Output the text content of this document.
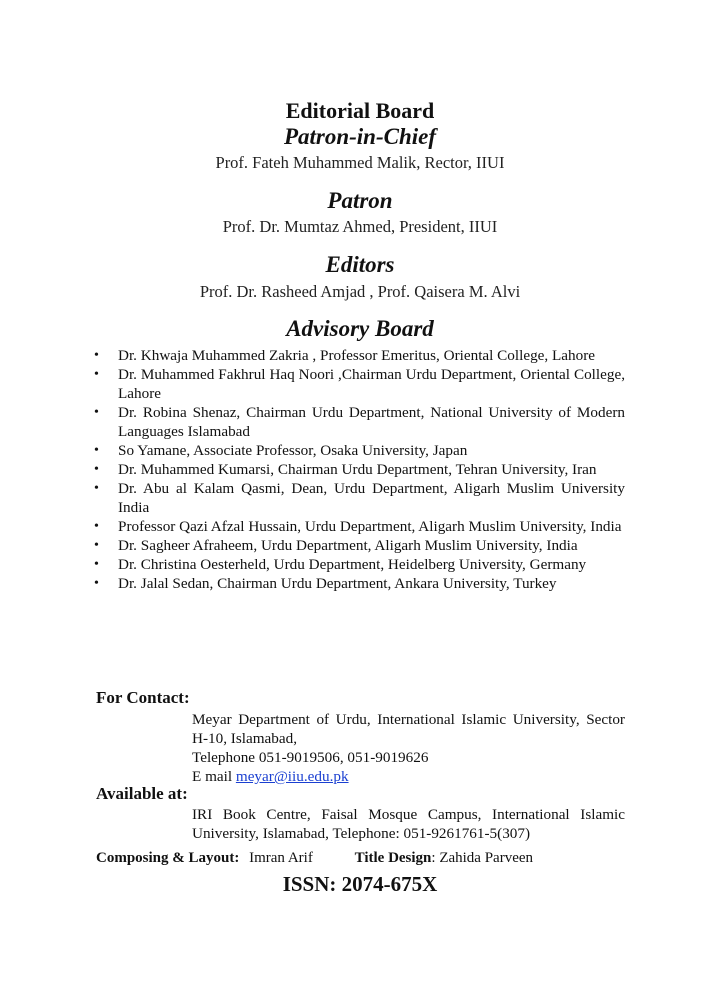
Editorial Board
Patron-in-Chief
Prof. Fateh Muhammed Malik, Rector, IIUI
Patron
Prof. Dr. Mumtaz Ahmed, President, IIUI
Editors
Prof. Dr. Rasheed Amjad , Prof. Qaisera M. Alvi
Advisory Board
• Dr. Khwaja Muhammed Zakria , Professor Emeritus, Oriental College, Lahore
• Dr. Muhammed Fakhrul Haq Noori ,Chairman Urdu Department, Oriental College, Lahore
• Dr. Robina Shenaz, Chairman Urdu Department, National University of Modern Languages Islamabad
• So Yamane, Associate Professor, Osaka University, Japan
• Dr. Muhammed Kumarsi, Chairman Urdu Department, Tehran University, Iran
• Dr. Abu al Kalam Qasmi, Dean, Urdu Department, Aligarh Muslim University India
• Professor Qazi Afzal Hussain, Urdu Department, Aligarh Muslim University, India
• Dr. Sagheer Afraheem, Urdu Department, Aligarh Muslim University, India
• Dr. Christina Oesterheld, Urdu Department, Heidelberg University, Germany
• Dr. Jalal Sedan, Chairman Urdu Department, Ankara University, Turkey
For Contact:
Meyar Department of Urdu, International Islamic University, Sector H-10, Islamabad,
Telephone 051-9019506, 051-9019626
E mail meyar@iiu.edu.pk
Available at:
IRI Book Centre, Faisal Mosque Campus, International Islamic University, Islamabad, Telephone: 051-9261761-5(307)
Composing & Layout: Imran Arif	Title Design: Zahida Parveen
ISSN: 2074-675X
